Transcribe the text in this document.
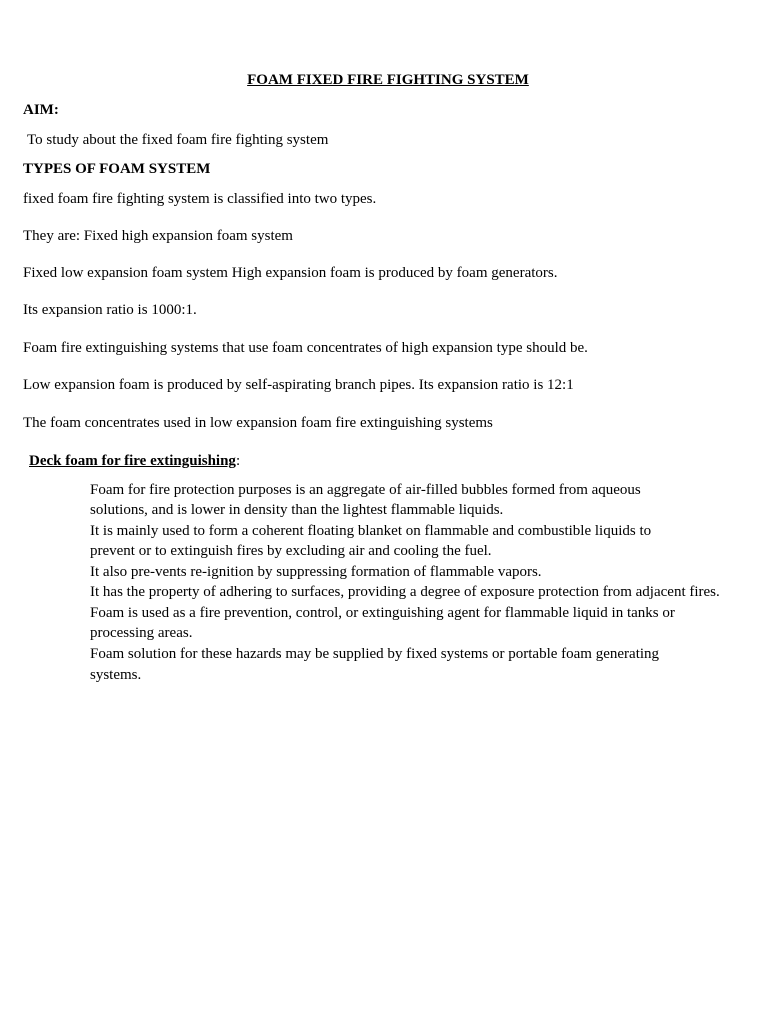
FOAM FIXED FIRE FIGHTING SYSTEM
AIM:
To study about the fixed foam fire fighting system
TYPES OF FOAM SYSTEM
fixed foam fire fighting system is classified into two types.
They are: Fixed high expansion foam system
Fixed low expansion foam system High expansion foam is produced by foam generators.
Its expansion ratio is 1000:1.
Foam fire extinguishing systems that use foam concentrates of high expansion type should be.
Low expansion foam is produced by self-aspirating branch pipes. Its expansion ratio is 12:1
The foam concentrates used in low expansion foam fire extinguishing systems
Deck foam for fire extinguishing:
Foam for fire protection purposes is an aggregate of air-filled bubbles formed from aqueous
solutions, and is lower in density than the lightest flammable liquids.
It is mainly used to form a coherent floating blanket on flammable and combustible liquids to
prevent or to extinguish fires by excluding air and cooling the fuel.
It also pre-vents re-ignition by suppressing formation of flammable vapors.
It has the property of adhering to surfaces, providing a degree of exposure protection from adjacent fires.
Foam is used as a fire prevention, control, or extinguishing agent for flammable liquid in tanks or
processing areas.
Foam solution for these hazards may be supplied by fixed systems or portable foam generating
systems.
